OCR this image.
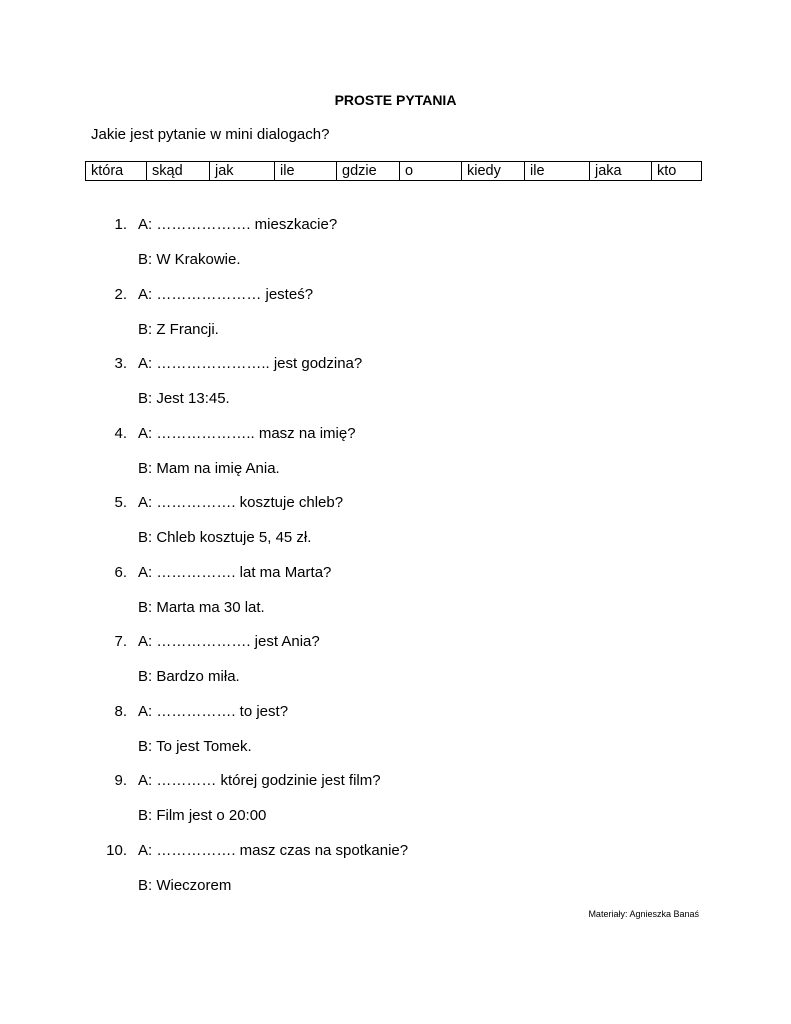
PROSTE PYTANIA
Jakie jest pytanie w mini dialogach?
która	skąd	jak	ile	gdzie	o	kiedy	ile	jaka	kto
1. A: ………………. mieszkacie?
B: W Krakowie.
2. A: ………………… jesteś?
B: Z Francji.
3. A: ………………….. jest godzina?
B: Jest 13:45.
4. A: ……………….. masz na imię?
B: Mam na imię Ania.
5. A: ……………. kosztuje chleb?
B: Chleb kosztuje 5, 45 zł.
6. A: ……………. lat ma Marta?
B: Marta ma 30 lat.
7. A: ………………. jest Ania?
B: Bardzo miła.
8. A: ……………. to jest?
B: To jest Tomek.
9. A: ………… której godzinie jest film?
B: Film jest o 20:00
10. A: ……………. masz czas na spotkanie?
B: Wieczorem
Materiały: Agnieszka Banaś
